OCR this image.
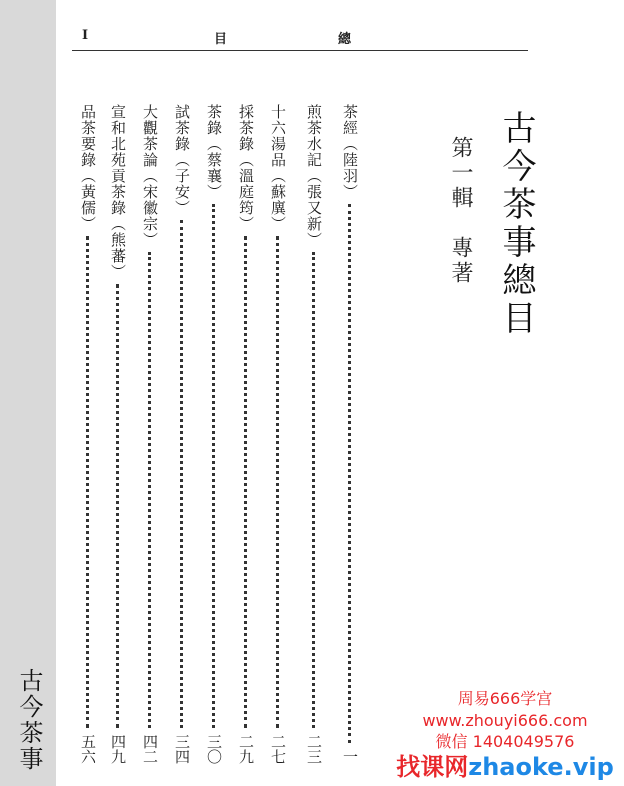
古今茶事
I	目	總
古今茶事總目
第一輯
專著
茶經（陸羽）
一
煎茶水記（張又新）
二三
十六湯品（蘇廙）
二七
採茶錄（溫庭筠）
二九
茶錄（蔡襄）
三〇
試茶錄（子安）
三四
大觀茶論（宋徽宗）
四二
宣和北苑貢茶錄（熊蕃）
四九
品茶要錄（黃儒）
五六
周易666学宫
www.zhouyi666.com
微信 1404049576
找课网zhaoke.vip
